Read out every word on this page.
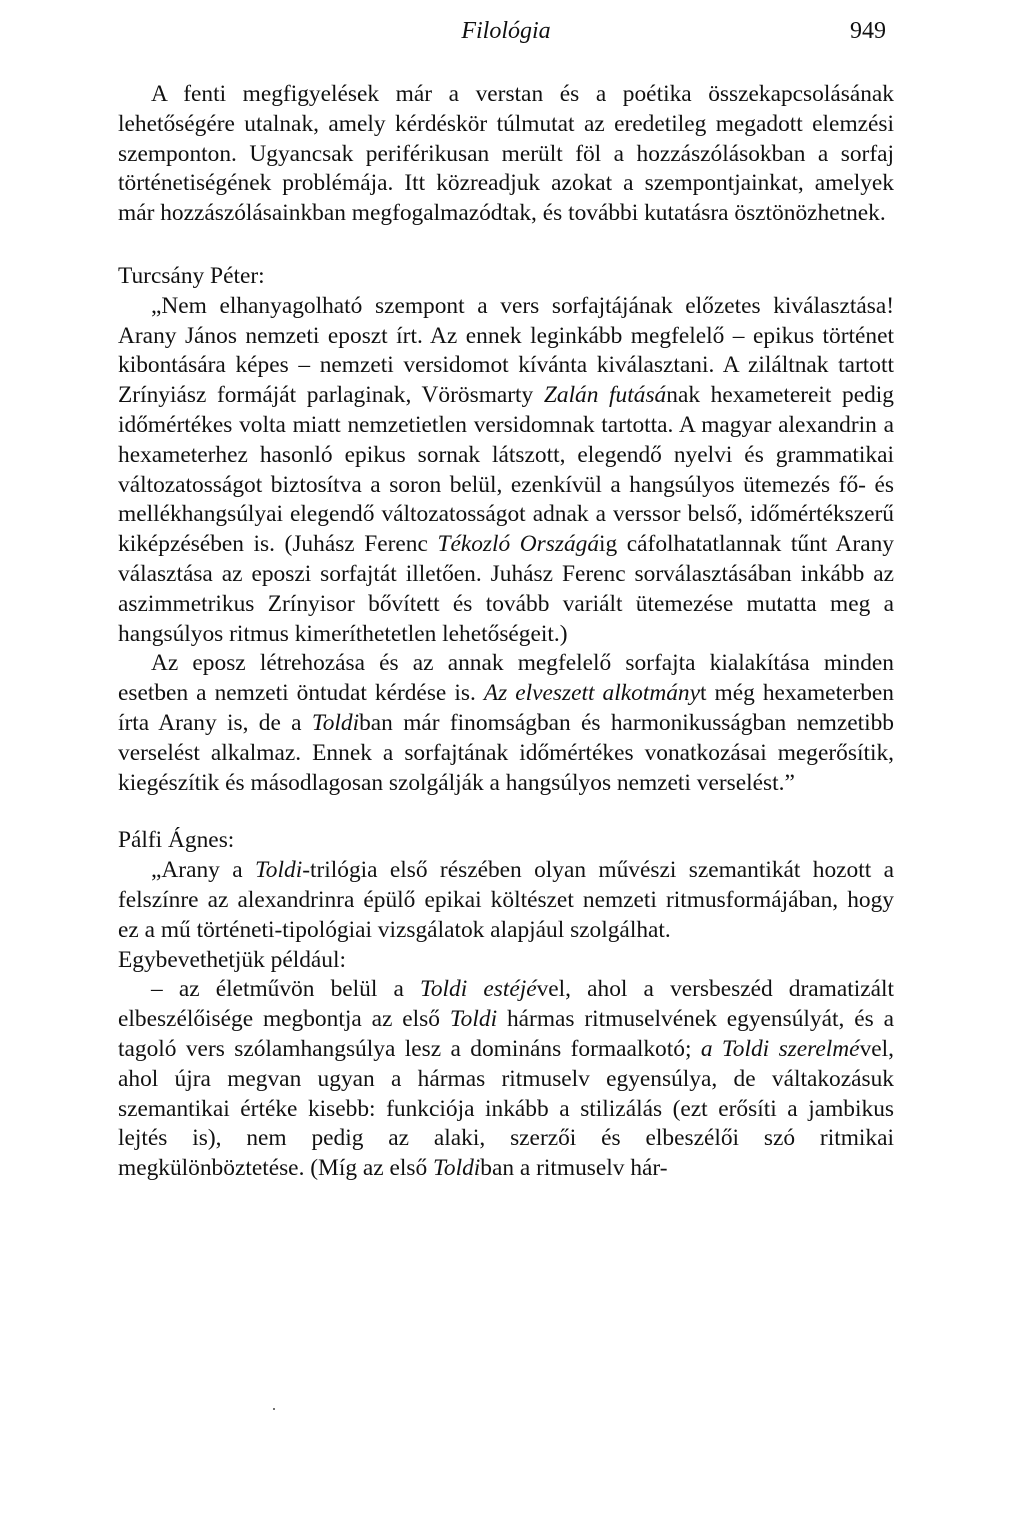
Filológia	949

A fenti megfigyelések már a verstan és a poétika összekapcsolásának lehetőségére utalnak, amely kérdéskör túlmutat az eredetileg megadott elemzési szemponton. Ugyancsak periférikusan merült föl a hozzászólásokban a sorfaj történetiségének problémája. Itt közreadjuk azokat a szempontjainkat, amelyek már hozzászólásainkban megfogalmazódtak, és további kutatásra ösztönözhetnek.

Turcsány Péter:

„Nem elhanyagolható szempont a vers sorfajtájának előzetes kiválasztása! Arany János nemzeti eposzt írt. Az ennek leginkább megfelelő – epikus történet kibontására képes – nemzeti versidomot kívánta kiválasztani. A ziláltnak tartott Zrínyiász formáját parlaginak, Vörösmarty Zalán futásának hexametereit pedig időmértékes volta miatt nemzetietlen versidomnak tartotta. A magyar alexandrin a hexameterhez hasonló epikus sornak látszott, elegendő nyelvi és grammatikai változatosságot biztosítva a soron belül, ezenkívül a hangsúlyos ütemezés fő- és mellékhangsúlyai elegendő változatosságot adnak a verssor belső, időmértékszerű kiképzésében is. (Juhász Ferenc Tékozló Országáig cáfolhatatlannak tűnt Arany választása az eposzi sorfajtát illetően. Juhász Ferenc sorválasztásában inkább az aszimmetrikus Zrínyisor bővített és tovább variált ütemezése mutatta meg a hangsúlyos ritmus kimeríthetetlen lehetőségeit.)

Az eposz létrehozása és az annak megfelelő sorfajta kialakítása minden esetben a nemzeti öntudat kérdése is. Az elveszett alkotmányt még hexameterben írta Arany is, de a Toldiban már finomságban és harmonikusságban nemzetibb verselést alkalmaz. Ennek a sorfajtának időmértékes vonatkozásai megerősítik, kiegészítik és másodlagosan szolgálják a hangsúlyos nemzeti verselést.”

Pálfi Ágnes:

„Arany a Toldi-trilógia első részében olyan művészi szemantikát hozott a felszínre az alexandrinra épülő epikai költészet nemzeti ritmusformájában, hogy ez a mű történeti-tipológiai vizsgálatok alapjául szolgálhat.

Egybevethetjük például:

– az életművön belül a Toldi estéjével, ahol a versbeszéd dramatizált elbeszélőisége megbontja az első Toldi hármas ritmuselvének egyensúlyát, és a tagoló vers szólamhangsúlya lesz a domináns formaalkotó; a Toldi szerelmével, ahol újra megvan ugyan a hármas ritmuselv egyensúlya, de váltakozásuk szemantikai értéke kisebb: funkciója inkább a stilizálás (ezt erősíti a jambikus lejtés is), nem pedig az alaki, szerzői és elbeszélői szó ritmikai megkülönböztetése. (Míg az első Toldiban a ritmuselv hár-
